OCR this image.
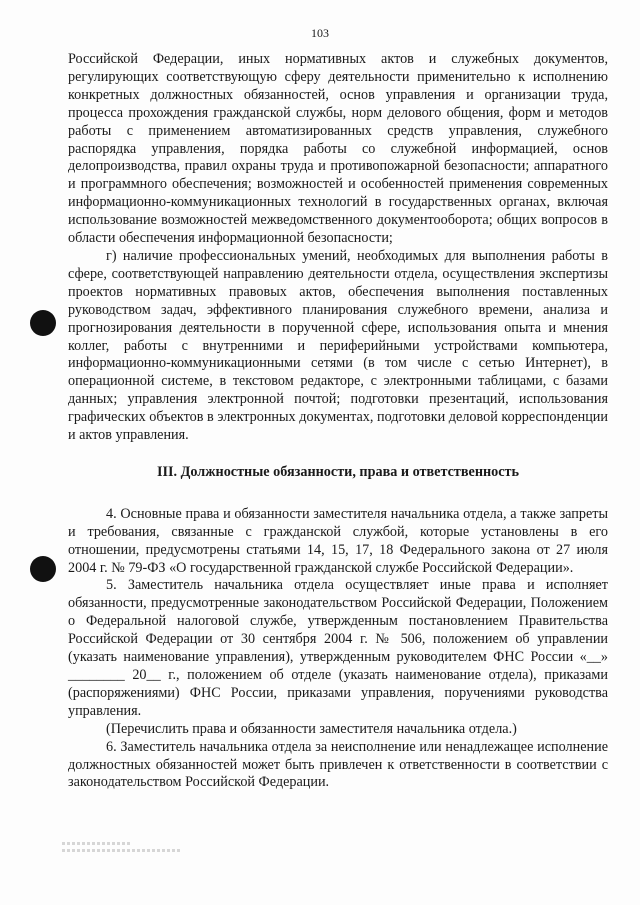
103

Российской Федерации, иных нормативных актов и служебных документов, регулирующих соответствующую сферу деятельности применительно к исполнению конкретных должностных обязанностей, основ управления и организации труда, процесса прохождения гражданской службы, норм делового общения, форм и методов работы с применением автоматизированных средств управления, служебного распорядка управления, порядка работы со служебной информацией, основ делопроизводства, правил охраны труда и противопожарной безопасности; аппаратного и программного обеспечения; возможностей и особенностей применения современных информационно-коммуникационных технологий в государственных органах, включая использование возможностей межведомственного документооборота; общих вопросов в области обеспечения информационной безопасности;

г) наличие профессиональных умений, необходимых для выполнения работы в сфере, соответствующей направлению деятельности отдела, осуществления экспертизы проектов нормативных правовых актов, обеспечения выполнения поставленных руководством задач, эффективного планирования служебного времени, анализа и прогнозирования деятельности в порученной сфере, использования опыта и мнения коллег, работы с внутренними и периферийными устройствами компьютера, информационно-коммуникационными сетями (в том числе с сетью Интернет), в операционной системе, в текстовом редакторе, с электронными таблицами, с базами данных; управления электронной почтой; подготовки презентаций, использования графических объектов в электронных документах, подготовки деловой корреспонденции и актов управления.

III. Должностные обязанности, права и ответственность

4. Основные права и обязанности заместителя начальника отдела, а также запреты и требования, связанные с гражданской службой, которые установлены в его отношении, предусмотрены статьями 14, 15, 17, 18 Федерального закона от 27 июля 2004 г. № 79-ФЗ «О государственной гражданской службе Российской Федерации».

5. Заместитель начальника отдела осуществляет иные права и исполняет обязанности, предусмотренные законодательством Российской Федерации, Положением о Федеральной налоговой службе, утвержденным постановлением Правительства Российской Федерации от 30 сентября 2004 г. № 506, положением об управлении (указать наименование управления), утвержденным руководителем ФНС России «__» ________ 20__ г., положением об отделе (указать наименование отдела), приказами (распоряжениями) ФНС России, приказами управления, поручениями руководства управления.

(Перечислить права и обязанности заместителя начальника отдела.)

6. Заместитель начальника отдела за неисполнение или ненадлежащее исполнение должностных обязанностей может быть привлечен к ответственности в соответствии с законодательством Российской Федерации.
